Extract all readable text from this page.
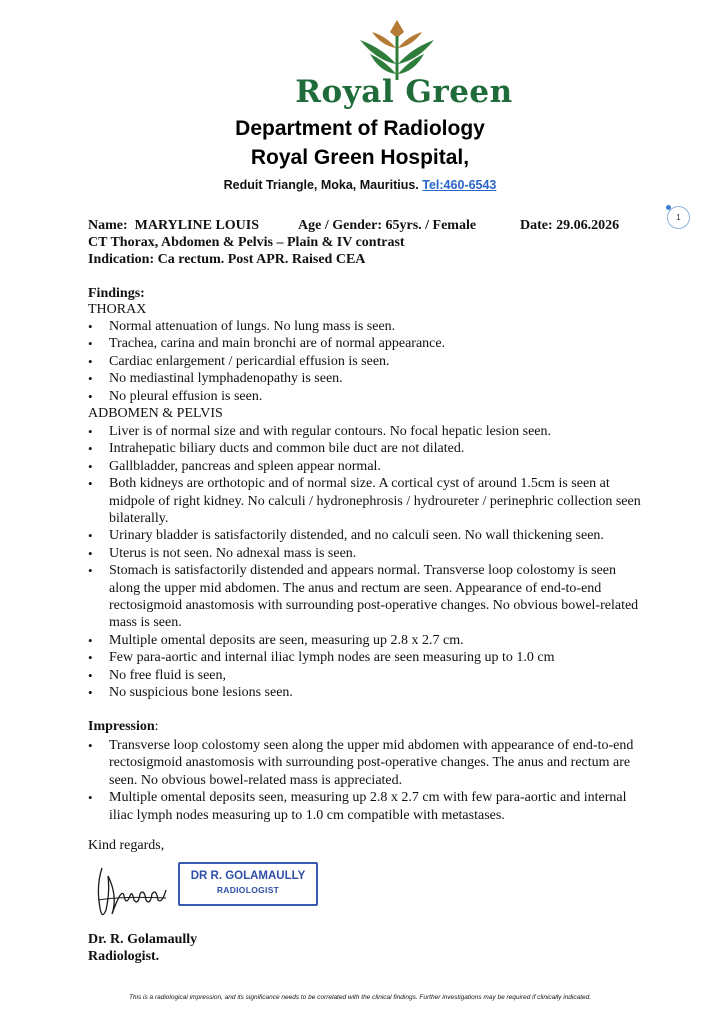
Royal Green
Department of Radiology
Royal Green Hospital,
Reduit Triangle, Moka, Mauritius. Tel:460-6543
1
Name: MARYLINE LOUIS	Age / Gender: 65yrs. / Female	Date: 29.06.2026
CT Thorax, Abdomen & Pelvis – Plain & IV contrast
Indication: Ca rectum. Post APR. Raised CEA
Findings:
THORAX
• Normal attenuation of lungs. No lung mass is seen.
• Trachea, carina and main bronchi are of normal appearance.
• Cardiac enlargement / pericardial effusion is seen.
• No mediastinal lymphadenopathy is seen.
• No pleural effusion is seen.
ADBOMEN & PELVIS
• Liver is of normal size and with regular contours. No focal hepatic lesion seen.
• Intrahepatic biliary ducts and common bile duct are not dilated.
• Gallbladder, pancreas and spleen appear normal.
• Both kidneys are orthotopic and of normal size. A cortical cyst of around 1.5cm is seen at midpole of right kidney. No calculi / hydronephrosis / hydroureter / perinephric collection seen bilaterally.
• Urinary bladder is satisfactorily distended, and no calculi seen. No wall thickening seen.
• Uterus is not seen. No adnexal mass is seen.
• Stomach is satisfactorily distended and appears normal. Transverse loop colostomy is seen along the upper mid abdomen. The anus and rectum are seen. Appearance of end-to-end rectosigmoid anastomosis with surrounding post-operative changes. No obvious bowel-related mass is seen.
• Multiple omental deposits are seen, measuring up 2.8 x 2.7 cm.
• Few para-aortic and internal iliac lymph nodes are seen measuring up to 1.0 cm
• No free fluid is seen,
• No suspicious bone lesions seen.
Impression:
• Transverse loop colostomy seen along the upper mid abdomen with appearance of end-to-end rectosigmoid anastomosis with surrounding post-operative changes. The anus and rectum are seen. No obvious bowel-related mass is appreciated.
• Multiple omental deposits seen, measuring up 2.8 x 2.7 cm with few para-aortic and internal iliac lymph nodes measuring up to 1.0 cm compatible with metastases.
Kind regards,
DR R. GOLAMAULLY
RADIOLOGIST
Dr. R. Golamaully
Radiologist.
This is a radiological impression, and its significance needs to be correlated with the clinical findings. Further investigations may be required if clinically indicated.
